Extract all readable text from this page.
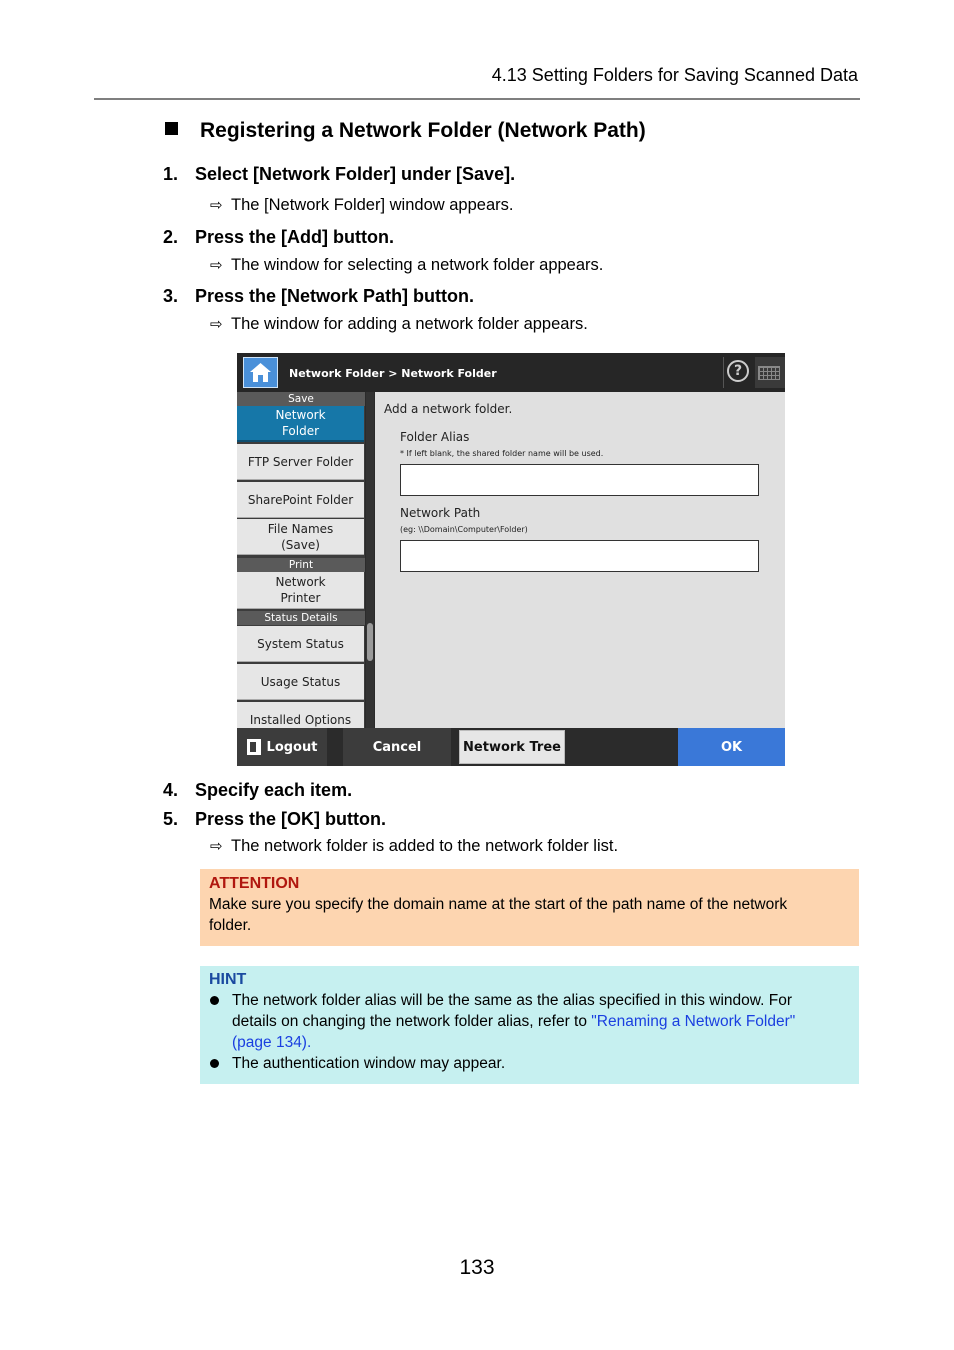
4.13 Setting Folders for Saving Scanned Data
Registering a Network Folder (Network Path)
1. Select [Network Folder] under [Save].
⇨ The [Network Folder] window appears.
2. Press the [Add] button.
⇨ The window for selecting a network folder appears.
3. Press the [Network Path] button.
⇨ The window for adding a network folder appears.
Network Folder > Network Folder	?
Save
Network
Folder
FTP Server Folder
SharePoint Folder
File Names
(Save)
Print
Network
Printer
Status Details
System Status
Usage Status
Installed Options
Add a network folder.
Folder Alias
* If left blank, the shared folder name will be used.
Network Path
(eg: \\Domain\Computer\Folder)
Logout	Cancel	Network Tree	OK
4. Specify each item.
5. Press the [OK] button.
⇨ The network folder is added to the network folder list.
ATTENTION
Make sure you specify the domain name at the start of the path name of the network
folder.
HINT
The network folder alias will be the same as the alias specified in this window. For
details on changing the network folder alias, refer to "Renaming a Network Folder"
(page 134).
The authentication window may appear.
133
